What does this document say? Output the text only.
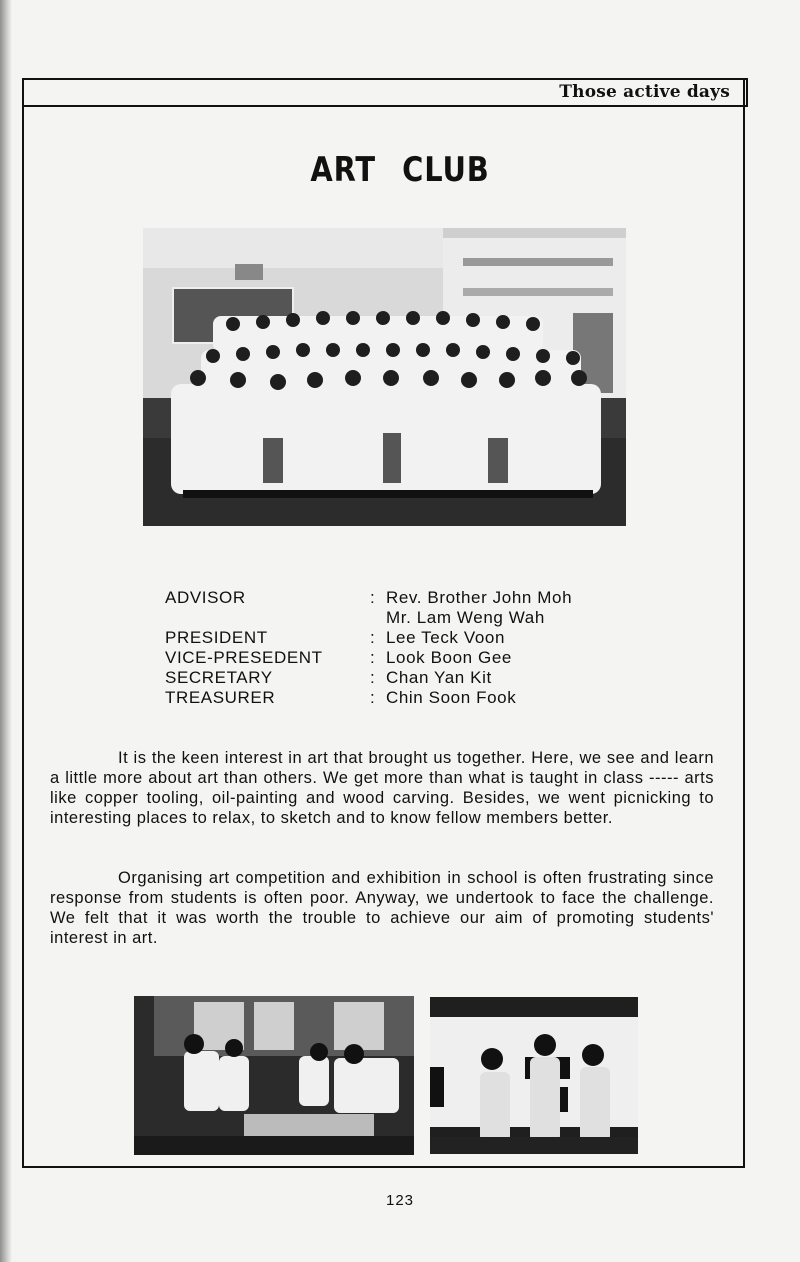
Those active days
ART CLUB
ADVISOR	: Rev. Brother John Moh
Mr. Lam Weng Wah
PRESIDENT	: Lee Teck Voon
VICE-PRESEDENT	: Look Boon Gee
SECRETARY	: Chan Yan Kit
TREASURER	: Chin Soon Fook

It is the keen interest in art that brought us together. Here, we see and learn a little more about art than others. We get more than what is taught in class ----- arts like copper tooling, oil-painting and wood carving. Besides, we went picnicking to interesting places to relax, to sketch and to know fellow members better.

Organising art competition and exhibition in school is often frustrating since response from students is often poor. Anyway, we undertook to face the challenge. We felt that it was worth the trouble to achieve our aim of promoting students' interest in art.

123
